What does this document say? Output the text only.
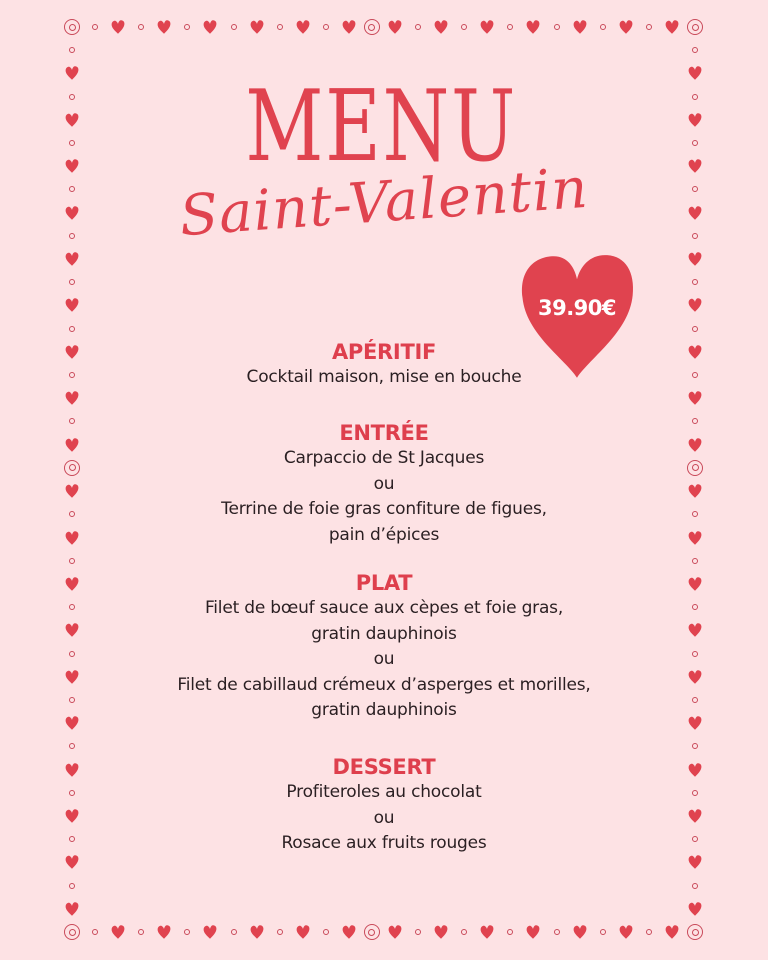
MENU
Saint-Valentin
39.90€
APÉRITIF
Cocktail maison, mise en bouche
ENTRÉE
Carpaccio de St Jacques
ou
Terrine de foie gras confiture de figues,
pain d’épices
PLAT
Filet de bœuf sauce aux cèpes et foie gras,
gratin dauphinois
ou
Filet de cabillaud crémeux d’asperges et morilles,
gratin dauphinois
DESSERT
Profiteroles au chocolat
ou
Rosace aux fruits rouges
